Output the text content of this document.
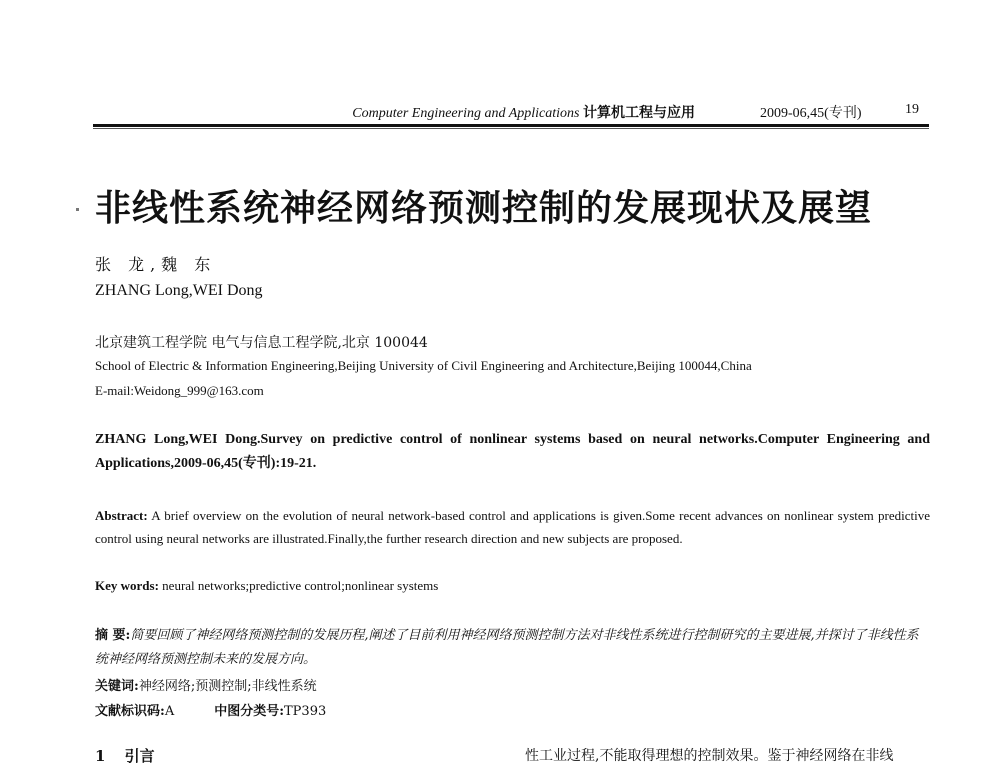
Computer Engineering and Applications 计算机工程与应用	2009-06,45(专刊)	19
非线性系统神经网络预测控制的发展现状及展望
张 龙,魏 东
ZHANG Long,WEI Dong
北京建筑工程学院 电气与信息工程学院,北京 100044
School of Electric & Information Engineering,Beijing University of Civil Engineering and Architecture,Beijing 100044,China
E-mail:Weidong_999@163.com
ZHANG Long,WEI Dong.Survey on predictive control of nonlinear systems based on neural networks.Computer Engineering and Applications,2009-06,45(专刊):19-21.
Abstract: A brief overview on the evolution of neural network-based control and applications is given.Some recent advances on nonlinear system predictive control using neural networks are illustrated.Finally,the further research direction and new subjects are proposed.
Key words: neural networks;predictive control;nonlinear systems
摘 要:简要回顾了神经网络预测控制的发展历程,阐述了目前利用神经网络预测控制方法对非线性系统进行控制研究的主要进展,并探讨了非线性系统神经网络预测控制未来的发展方向。
关键词:神经网络;预测控制;非线性系统
文献标识码:A	中图分类号:TP393
1 引言	性工业过程,不能取得理想的控制效果。鉴于神经网络在非线
